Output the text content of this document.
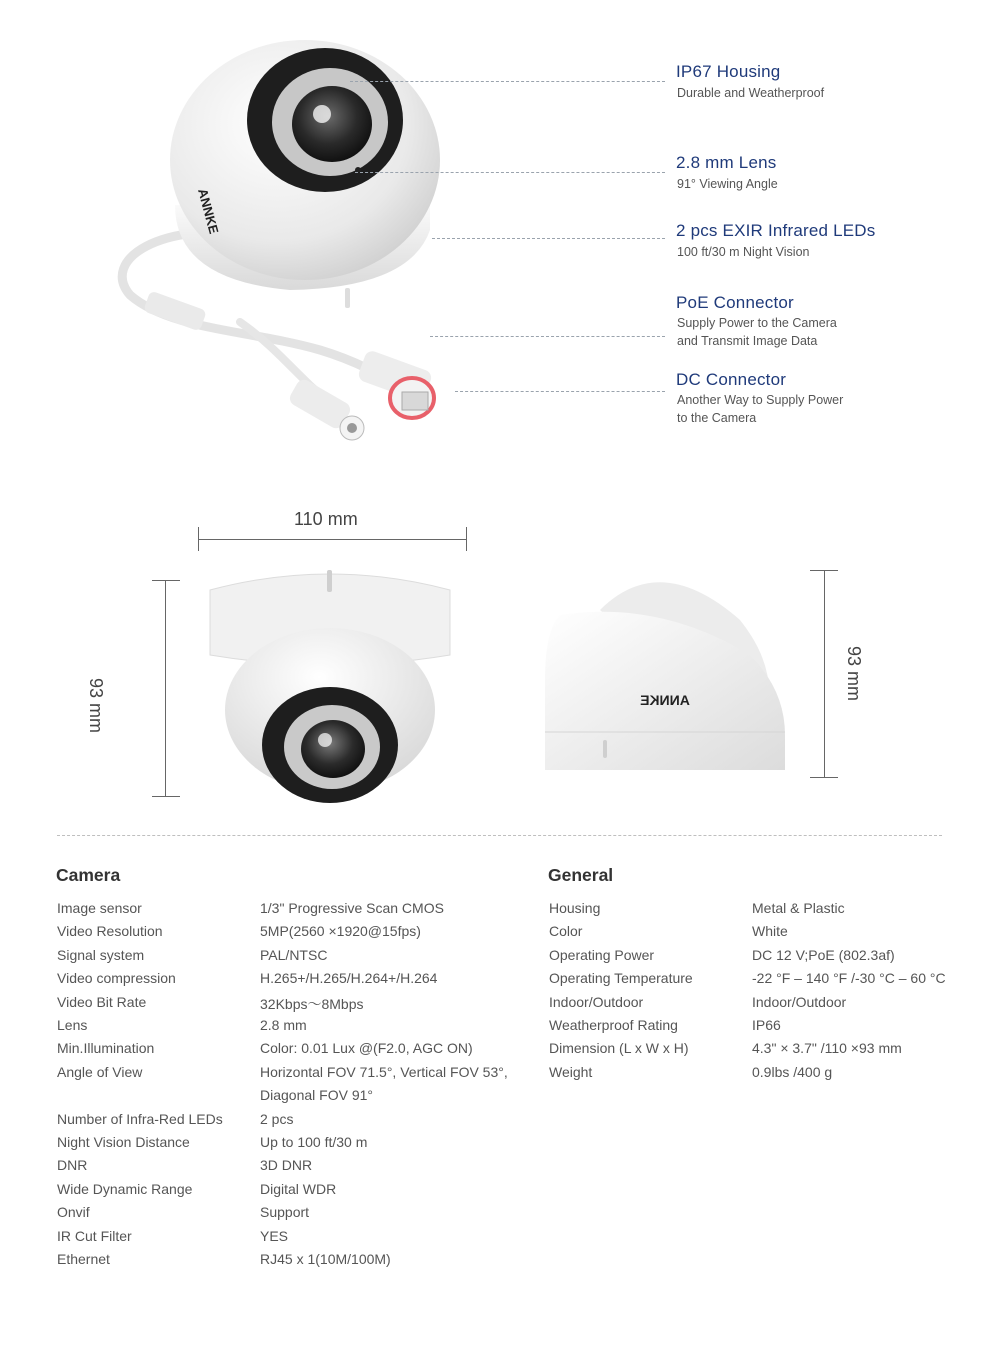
ANNKE
IP67 Housing
Durable and Weatherproof
2.8 mm Lens
91° Viewing Angle
2 pcs EXIR Infrared LEDs
100 ft/30 m Night Vision
PoE Connector
Supply Power to the Camera
and Transmit Image Data
DC Connector
Another Way to Supply Power
to the Camera
110 mm
93 mm	ANNKE	93 mm
Camera	General
Image sensor	1/3" Progressive Scan CMOS
Video Resolution	5MP(2560 ×1920@15fps)
Signal system	PAL/NTSC
Video compression	H.265+/H.265/H.264+/H.264
Video Bit Rate	32Kbps〜8Mbps
Lens	2.8 mm
Min.Illumination	Color: 0.01 Lux @(F2.0, AGC ON)
Angle of View	Horizontal FOV 71.5°, Vertical FOV 53°,
Diagonal FOV 91°
Number of Infra-Red LEDs	2 pcs
Night Vision Distance	Up to 100 ft/30 m
DNR	3D DNR
Wide Dynamic Range	Digital WDR
Onvif	Support
IR Cut Filter	YES
Ethernet	RJ45 x 1(10M/100M)
Housing	Metal & Plastic
Color	White
Operating Power	DC 12 V;PoE (802.3af)
Operating Temperature	-22 °F – 140 °F /-30 °C – 60 °C
Indoor/Outdoor	Indoor/Outdoor
Weatherproof Rating	IP66
Dimension (L x W x H)	4.3" × 3.7" /110 ×93 mm
Weight	0.9lbs /400 g
